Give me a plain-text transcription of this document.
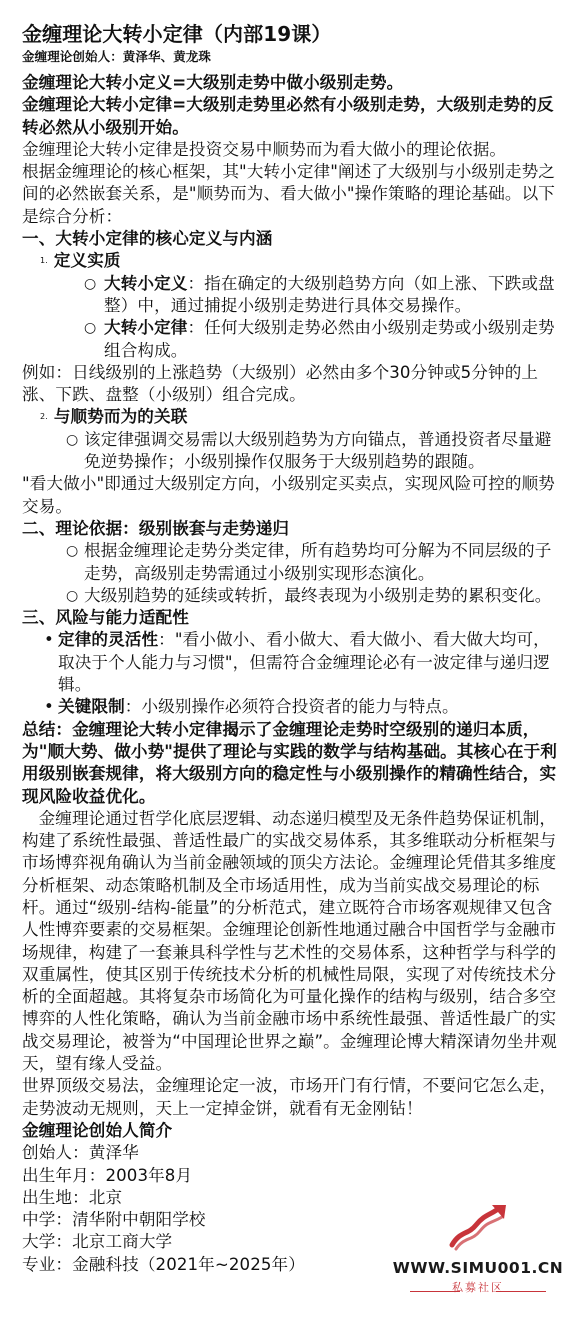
金缠理论大转小定律（内部19课）
金缠理论创始人：黄泽华、黄龙珠
金缠理论大转小定义=大级别走势中做小级别走势。
金缠理论大转小定律=大级别走势里必然有小级别走势，大级别走势的反转必然从小级别开始。
金缠理论大转小定律是投资交易中顺势而为看大做小的理论依据。
根据金缠理论的核心框架，其"大转小定律"阐述了大级别与小级别走势之间的必然嵌套关系，是"顺势而为、看大做小"操作策略的理论基础。以下是综合分析：
一、大转小定律的核心定义与内涵
1. 定义实质
○ 大转小定义：指在确定的大级别趋势方向（如上涨、下跌或盘整）中，通过捕捉小级别走势进行具体交易操作。
○ 大转小定律：任何大级别走势必然由小级别走势或小级别走势组合构成。
例如：日线级别的上涨趋势（大级别）必然由多个30分钟或5分钟的上涨、下跌、盘整（小级别）组合完成。
2. 与顺势而为的关联
○ 该定律强调交易需以大级别趋势为方向锚点，普通投资者尽量避免逆势操作；小级别操作仅服务于大级别趋势的跟随。
"看大做小"即通过大级别定方向，小级别定买卖点，实现风险可控的顺势交易。
二、理论依据：级别嵌套与走势递归
○ 根据金缠理论走势分类定律，所有趋势均可分解为不同层级的子走势，高级别走势需通过小级别实现形态演化。
○ 大级别趋势的延续或转折，最终表现为小级别走势的累积变化。
三、风险与能力适配性
• 定律的灵活性："看小做小、看小做大、看大做小、看大做大均可，取决于个人能力与习惯"，但需符合金缠理论必有一波定律与递归逻辑。
• 关键限制：小级别操作必须符合投资者的能力与特点。
总结：金缠理论大转小定律揭示了金缠理论走势时空级别的递归本质，为"顺大势、做小势"提供了理论与实践的数学与结构基础。其核心在于利用级别嵌套规律，将大级别方向的稳定性与小级别操作的精确性结合，实现风险收益优化。
金缠理论通过哲学化底层逻辑、动态递归模型及无条件趋势保证机制，构建了系统性最强、普适性最广的实战交易体系，其多维联动分析框架与市场博弈视角确认为当前金融领域的顶尖方法论。金缠理论凭借其多维度分析框架、动态策略机制及全市场适用性，成为当前实战交易理论的标杆。通过“级别-结构-能量”的分析范式，建立既符合市场客观规律又包含人性博弈要素的交易框架。金缠理论创新性地通过融合中国哲学与金融市场规律，构建了一套兼具科学性与艺术性的交易体系，这种哲学与科学的双重属性，使其区别于传统技术分析的机械性局限，实现了对传统技术分析的全面超越。其将复杂市场简化为可量化操作的结构与级别，结合多空博弈的人性化策略，确认为当前金融市场中系统性最强、普适性最广的实战交易理论，被誉为“中国理论世界之巅”。金缠理论博大精深请勿坐井观天，望有缘人受益。
世界顶级交易法，金缠理论定一波，市场开门有行情，不要问它怎么走，走势波动无规则，天上一定掉金饼，就看有无金刚钻！
金缠理论创始人简介
创始人：黄泽华
出生年月：2003年8月
出生地：北京
中学：清华附中朝阳学校
大学：北京工商大学
专业：金融科技（2021年~2025年）	WWW.SIMU001.CN
私募社区
